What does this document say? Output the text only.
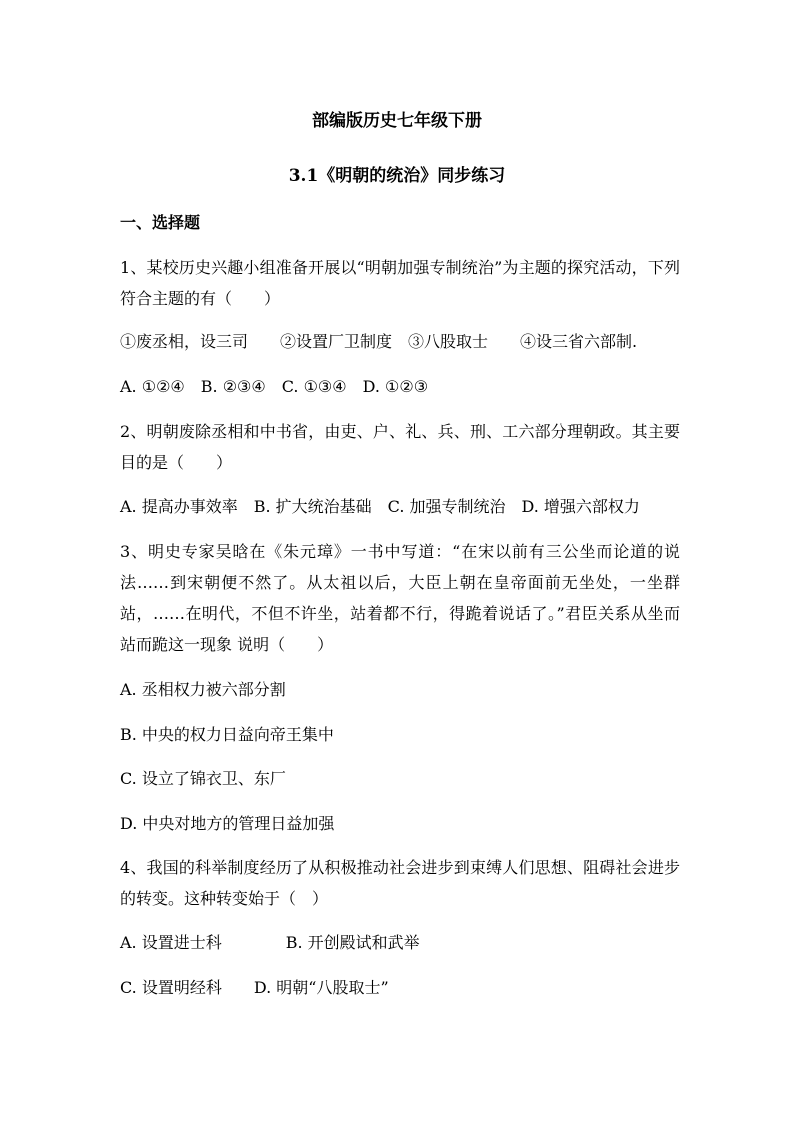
部编版历史七年级下册
3.1《明朝的统治》同步练习
一、选择题
1、某校历史兴趣小组准备开展以“明朝加强专制统治”为主题的探究活动，下列符合主题的有（　　）
①废丞相，设三司　　②设置厂卫制度　③八股取士　　④设三省六部制.
A. ①②④　B. ②③④　C. ①③④　D. ①②③
2、明朝废除丞相和中书省，由吏、户、礼、兵、刑、工六部分理朝政。其主要目的是（　　）
A. 提高办事效率　B. 扩大统治基础　C. 加强专制统治　D. 增强六部权力
3、明史专家吴晗在《朱元璋》一书中写道：“在宋以前有三公坐而论道的说法……到宋朝便不然了。从太祖以后，大臣上朝在皇帝面前无坐处，一坐群站，……在明代，不但不许坐，站着都不行，得跪着说话了。”君臣关系从坐而站而跪这一现象 说明（　　）
A. 丞相权力被六部分割
B. 中央的权力日益向帝王集中
C. 设立了锦衣卫、东厂
D. 中央对地方的管理日益加强
4、我国的科举制度经历了从积极推动社会进步到束缚人们思想、阻碍社会进步的转变。这种转变始于（　）
A. 设置进士科　　　　B. 开创殿试和武举
C. 设置明经科　　D. 明朝“八股取士”
